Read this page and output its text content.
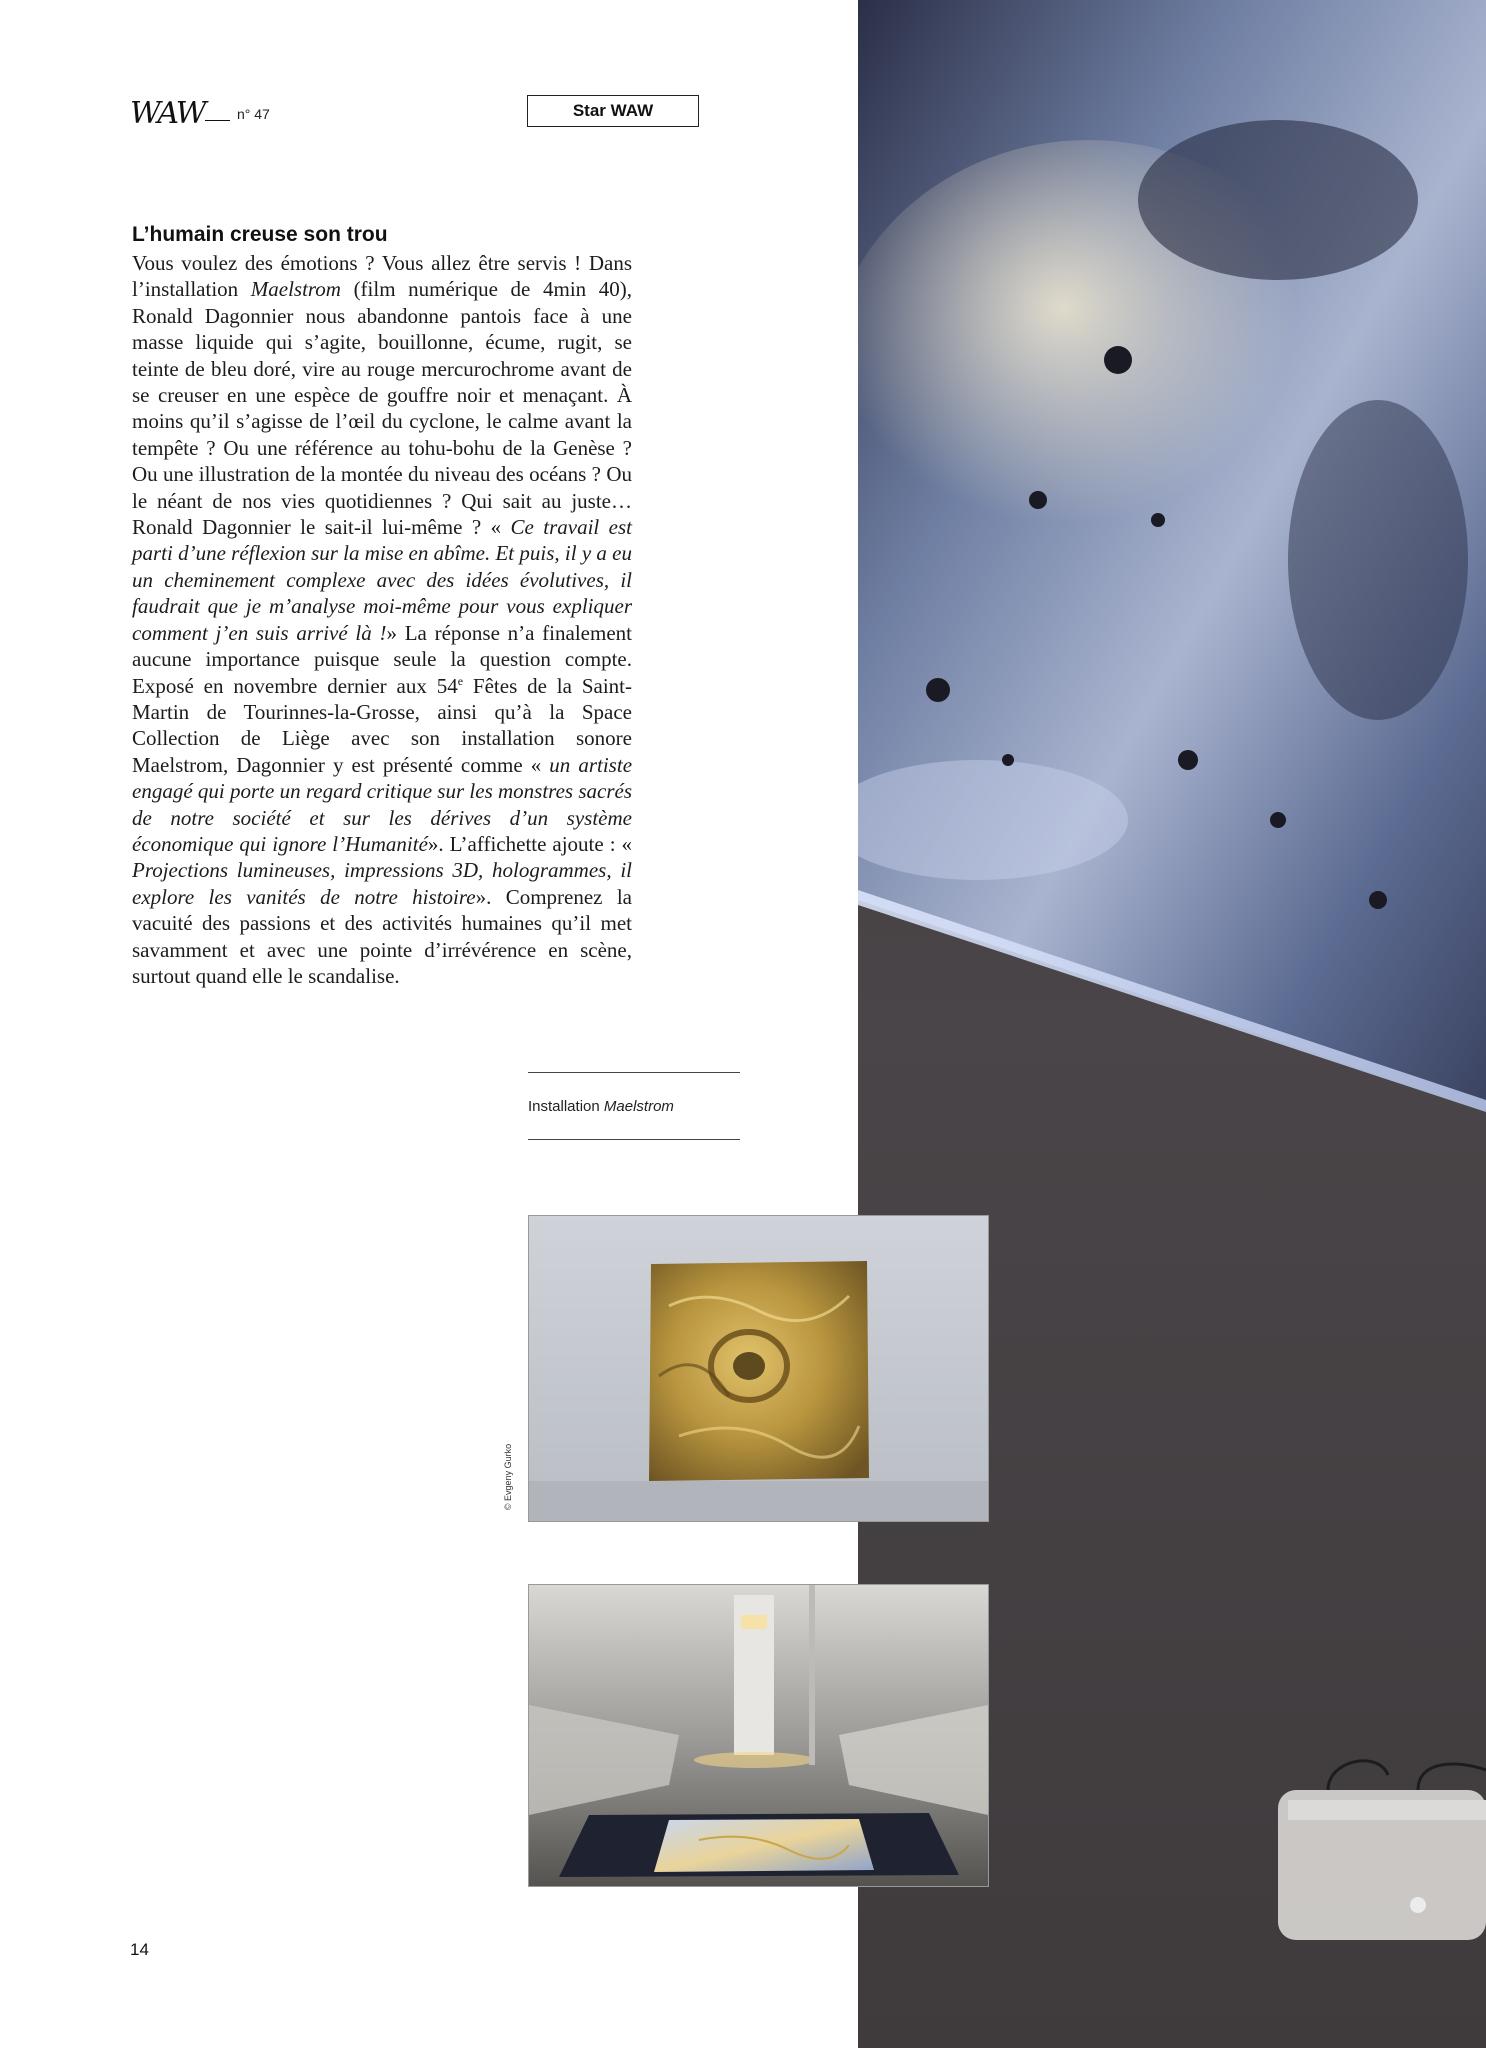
WAW n° 47	Star WAW
L’humain creuse son trou
Vous voulez des émotions ? Vous allez être servis ! Dans l’installation Maelstrom (film numérique de 4min 40), Ronald Dagonnier nous abandonne pantois face à une masse liquide qui s’agite, bouillonne, écume, rugit, se teinte de bleu doré, vire au rouge mercurochrome avant de se creuser en une espèce de gouffre noir et menaçant. À moins qu’il s’agisse de l’œil du cyclone, le calme avant la tempête ? Ou une référence au tohu-bohu de la Genèse ? Ou une illustration de la montée du niveau des océans ? Ou le néant de nos vies quotidiennes ? Qui sait au juste… Ronald Dagonnier le sait-il lui-même ? « Ce travail est parti d’une réflexion sur la mise en abîme. Et puis, il y a eu un cheminement complexe avec des idées évolutives, il faudrait que je m’analyse moi-même pour vous expliquer comment j’en suis arrivé là !» La réponse n’a finalement aucune importance puisque seule la question compte. Exposé en novembre dernier aux 54e Fêtes de la Saint-Martin de Tourinnes-la-Grosse, ainsi qu’à la Space Collection de Liège avec son installation sonore Maelstrom, Dagonnier y est présenté comme « un artiste engagé qui porte un regard critique sur les monstres sacrés de notre société et sur les dérives d’un système économique qui ignore l’Humanité». L’affichette ajoute : « Projections lumineuses, impressions 3D, hologrammes, il explore les vanités de notre histoire». Comprenez la vacuité des passions et des activités humaines qu’il met savamment et avec une pointe d’irrévérence en scène, surtout quand elle le scandalise.
Installation Maelstrom
© Evgeny Gurko
14
